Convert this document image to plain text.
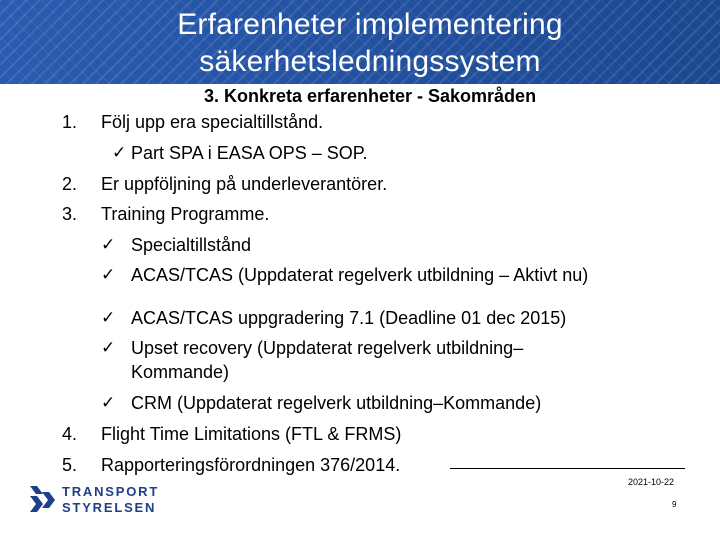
Erfarenheter implementering
säkerhetsledningssystem
3. Konkreta erfarenheter - Sakområden
1. Följ upp era specialtillstånd.
✓ Part SPA i EASA OPS – SOP.
2. Er uppföljning på underleverantörer.
3. Training Programme.
✓ Specialtillstånd
✓ ACAS/TCAS (Uppdaterat regelverk utbildning – Aktivt nu)
✓ ACAS/TCAS uppgradering 7.1 (Deadline 01 dec 2015)
✓ Upset recovery (Uppdaterat regelverk utbildning–
Kommande)
✓ CRM (Uppdaterat regelverk utbildning–Kommande)
4. Flight Time Limitations (FTL & FRMS)
5. Rapporteringsförordningen 376/2014.
2021-10-22
9
TRANSPORT
STYRELSEN
